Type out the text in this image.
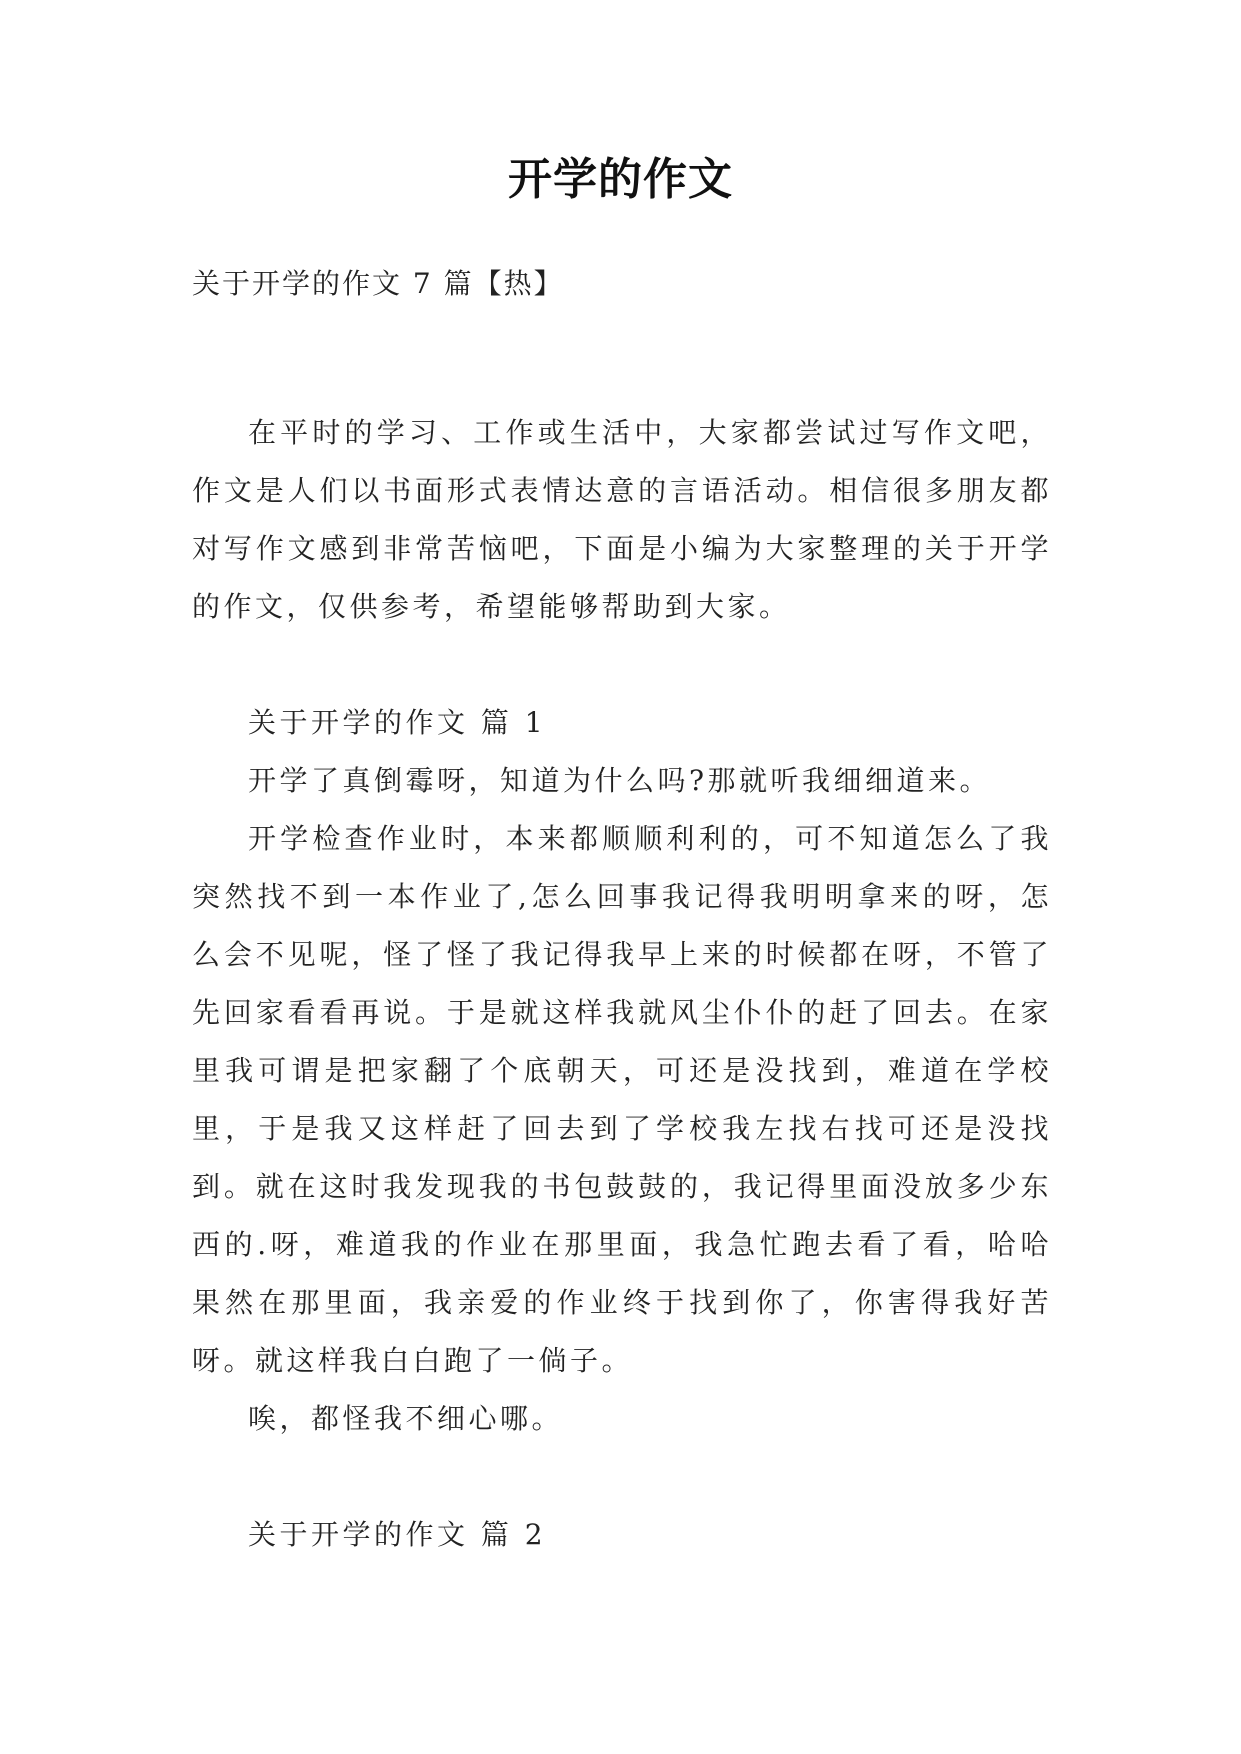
开学的作文
关于开学的作文 7 篇【热】

在平时的学习、工作或生活中，大家都尝试过写作文吧，作文是人们以书面形式表情达意的言语活动。相信很多朋友都对写作文感到非常苦恼吧，下面是小编为大家整理的关于开学的作文，仅供参考，希望能够帮助到大家。

关于开学的作文 篇 1

开学了真倒霉呀，知道为什么吗?那就听我细细道来。

开学检查作业时，本来都顺顺利利的，可不知道怎么了我突然找不到一本作业了,怎么回事我记得我明明拿来的呀，怎么会不见呢，怪了怪了我记得我早上来的时候都在呀，不管了先回家看看再说。于是就这样我就风尘仆仆的赶了回去。在家里我可谓是把家翻了个底朝天，可还是没找到，难道在学校里，于是我又这样赶了回去到了学校我左找右找可还是没找到。就在这时我发现我的书包鼓鼓的，我记得里面没放多少东西的.呀，难道我的作业在那里面，我急忙跑去看了看，哈哈果然在那里面，我亲爱的作业终于找到你了，你害得我好苦呀。就这样我白白跑了一倘子。

唉，都怪我不细心哪。

关于开学的作文 篇 2
